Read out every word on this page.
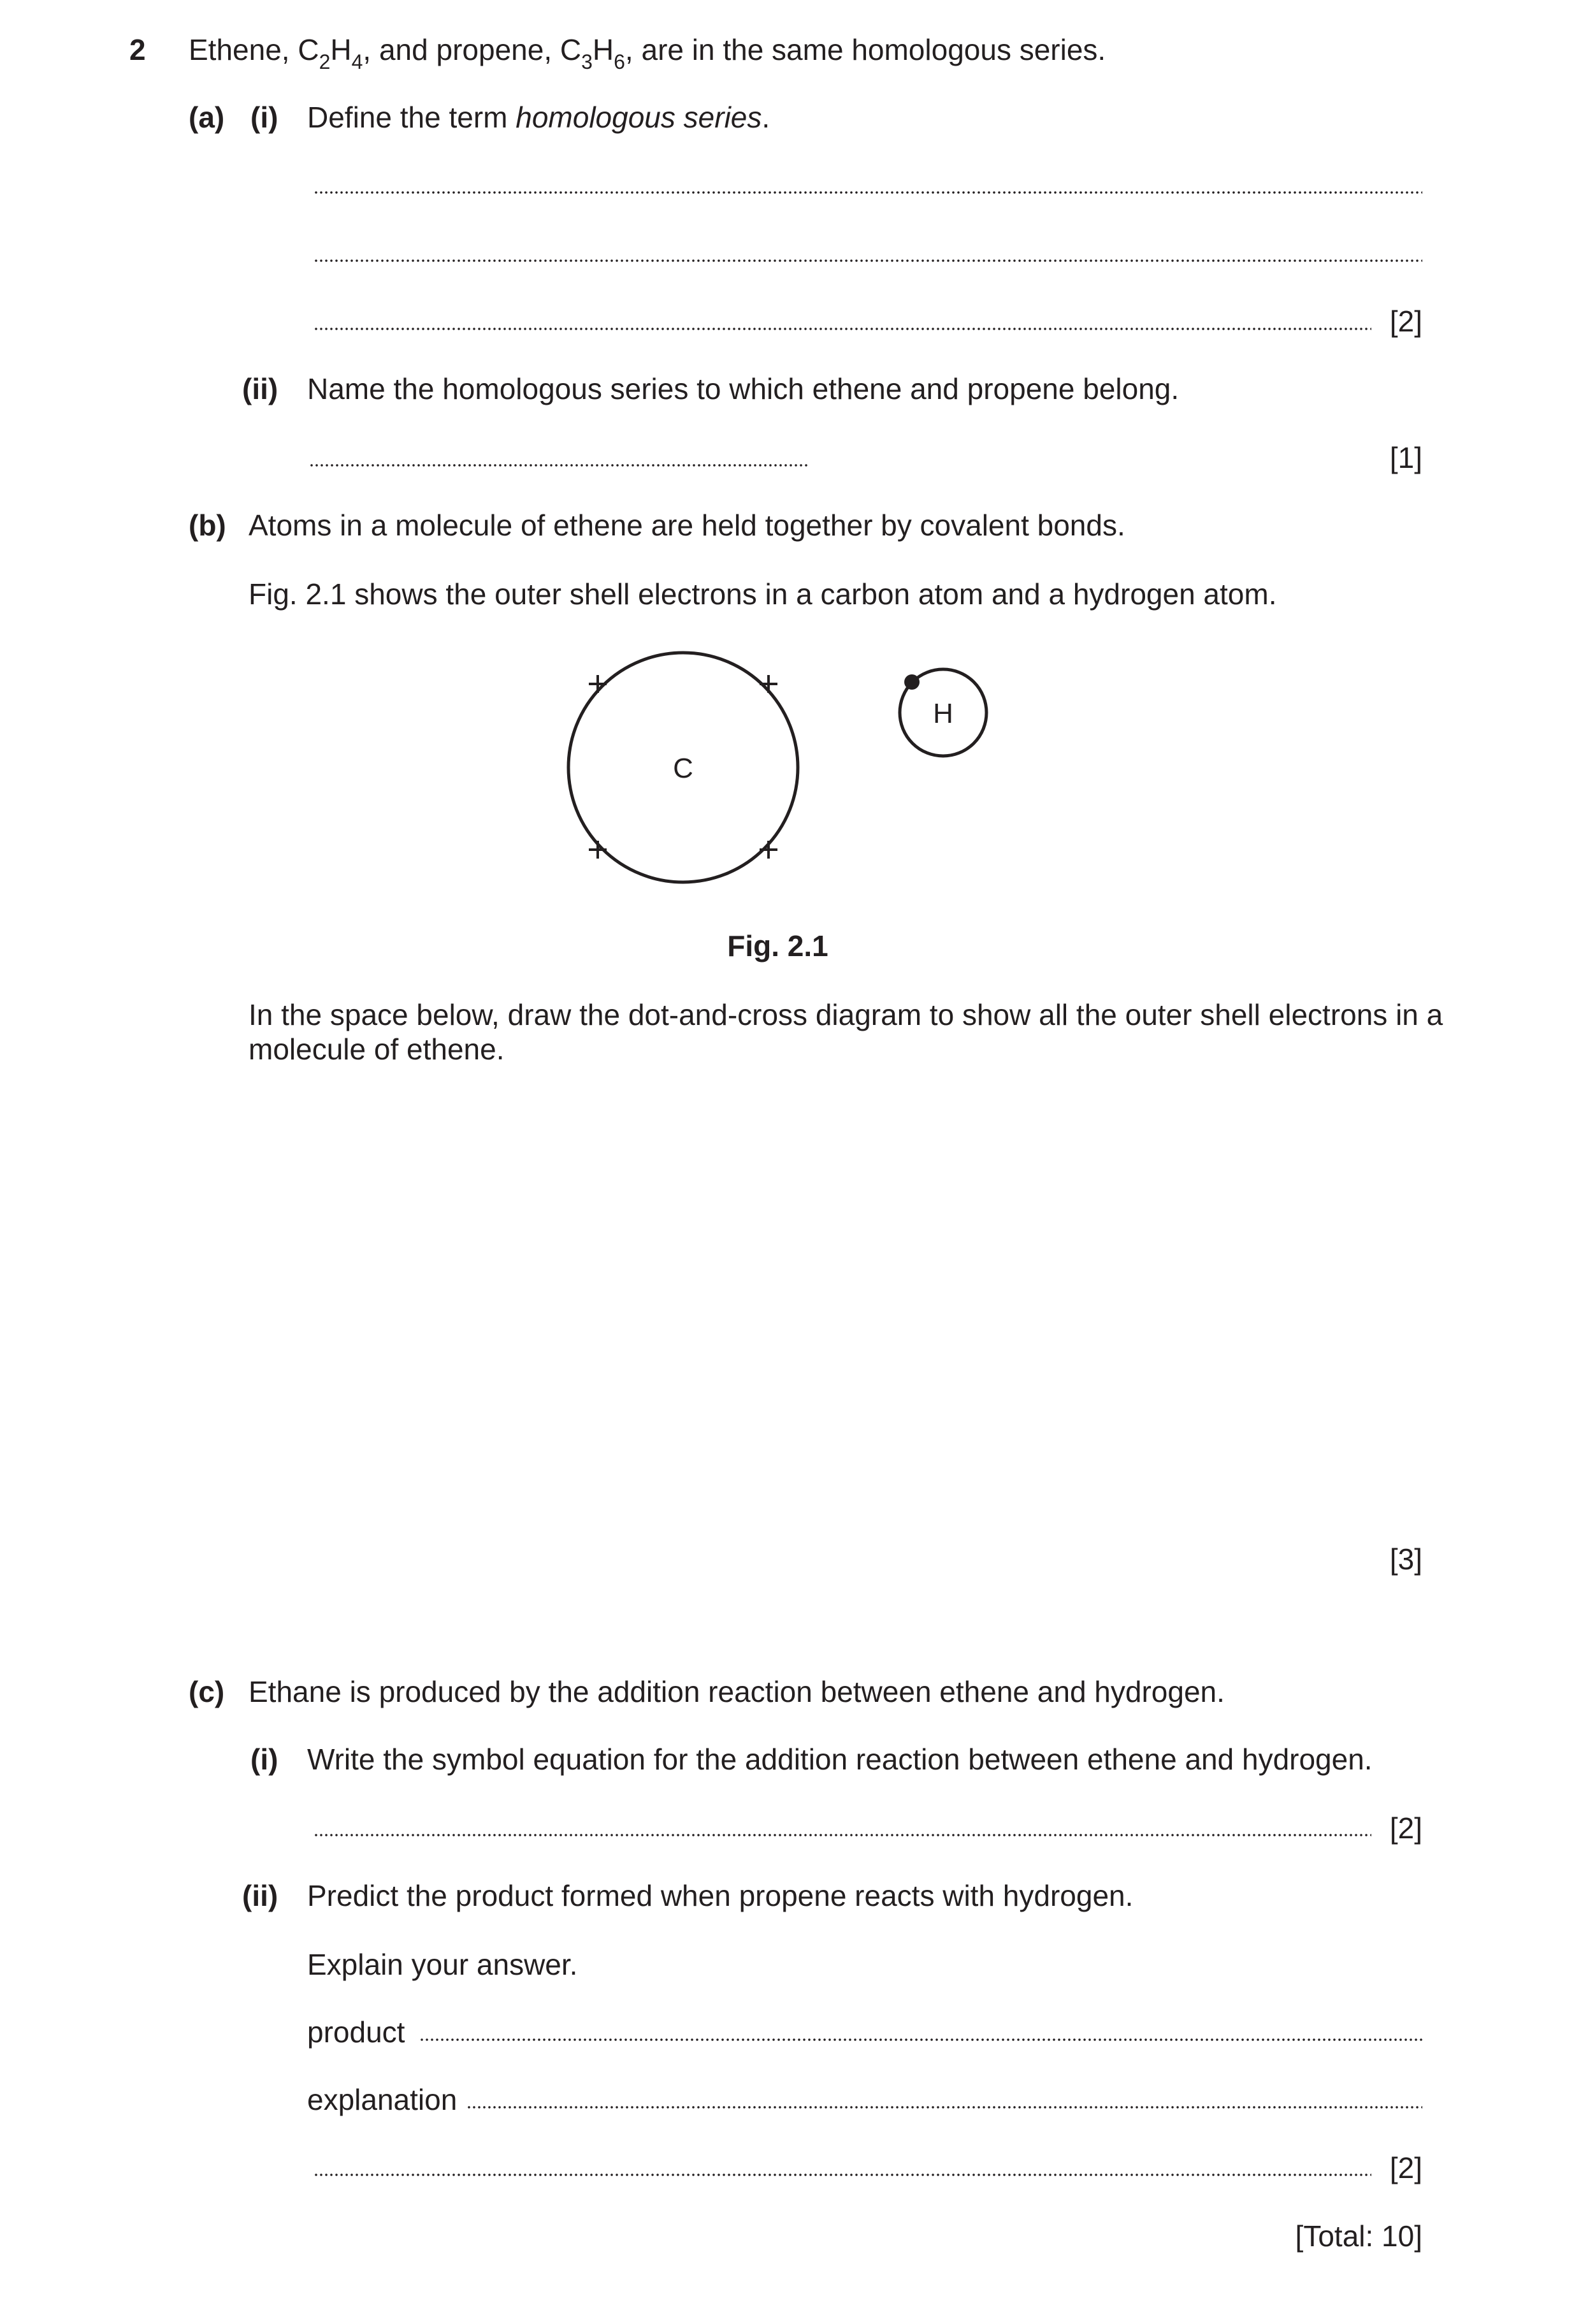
2 Ethene, $C_2H_4$, and propene, $C_3H_6$, are in the same homologous series.
(a) (i) Define the term homologous series.
[2]
(ii) Name the homologous series to which ethene and propene belong.
[1]
(b) Atoms in a molecule of ethene are held together by covalent bonds.
Fig. 2.1 shows the outer shell electrons in a carbon atom and a hydrogen atom.
C
H
Fig. 2.1
In the space below, draw the dot-and-cross diagram to show all the outer shell electrons in a
molecule of ethene.
[3]
(c) Ethane is produced by the addition reaction between ethene and hydrogen.
(i) Write the symbol equation for the addition reaction between ethene and hydrogen.
[2]
(ii) Predict the product formed when propene reacts with hydrogen.
Explain your answer.
product
explanation
[2]
[Total: 10]
